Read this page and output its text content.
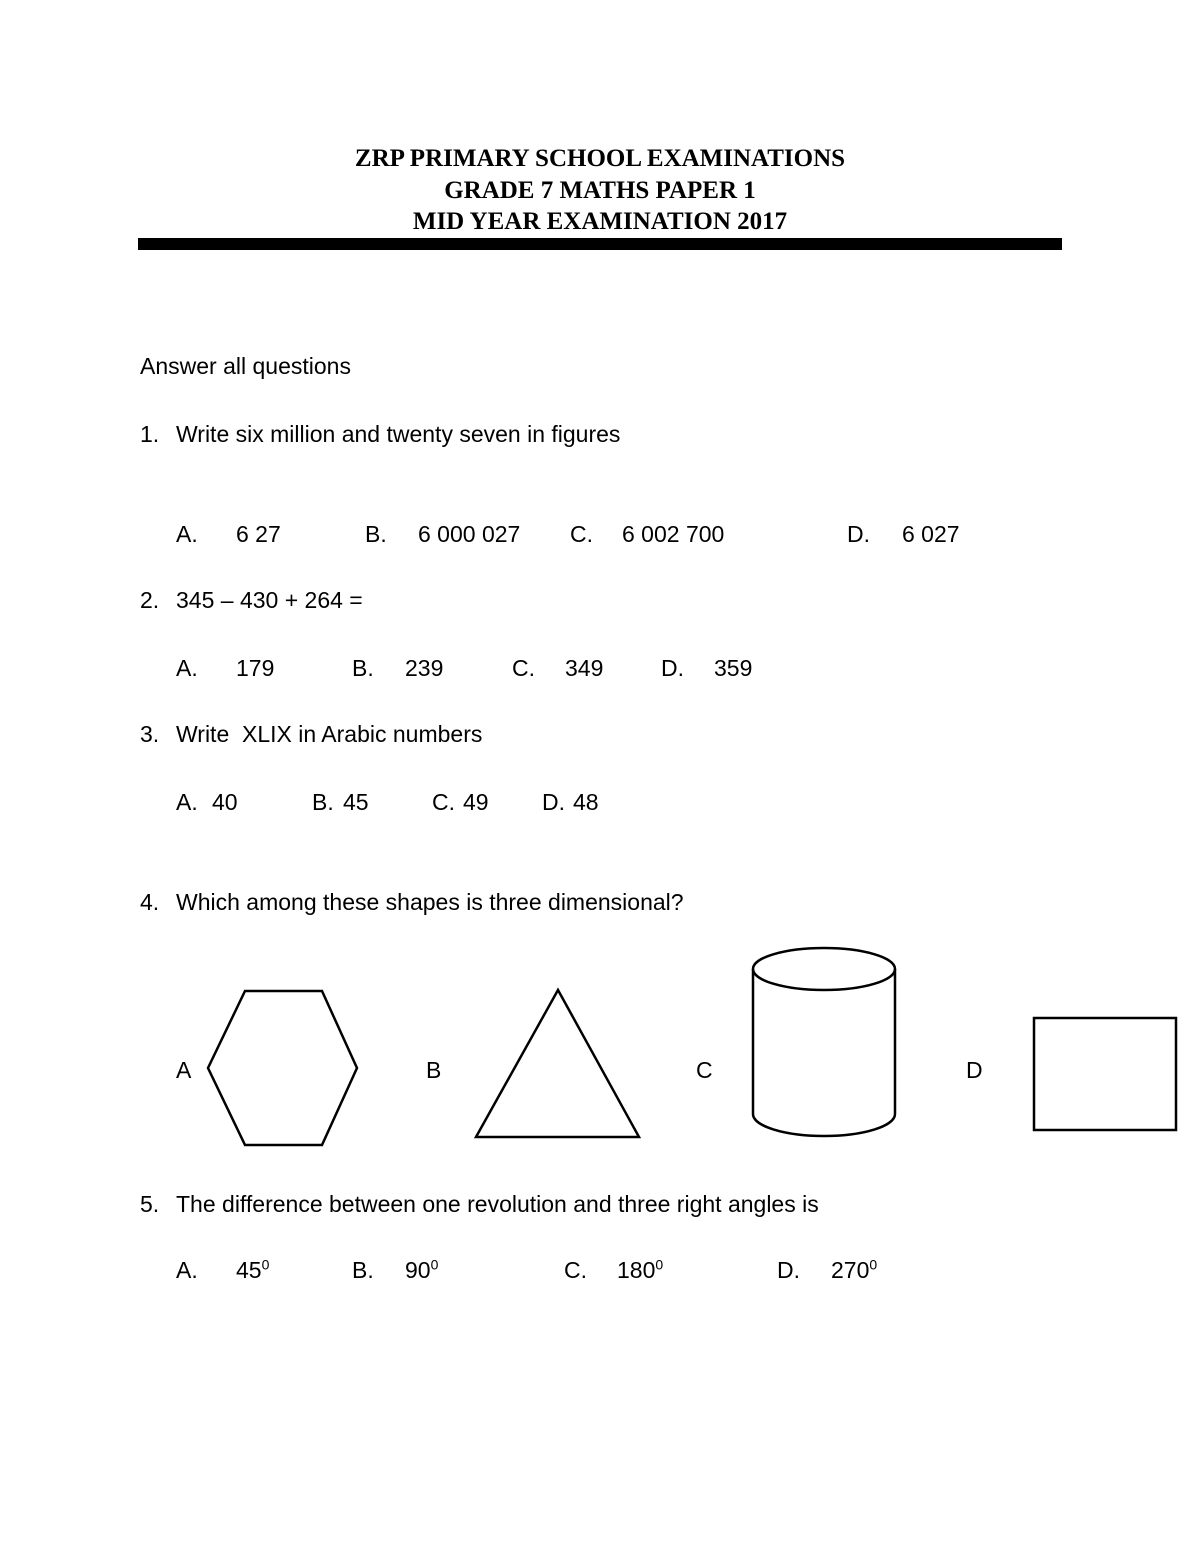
ZRP PRIMARY SCHOOL EXAMINATIONS
GRADE 7 MATHS PAPER 1
MID YEAR EXAMINATION 2017
Answer all questions
1. Write six million and twenty seven in figures
A. 6 27	B. 6 000 027 C. 6 002 700	D. 6 027
2. 345 – 430 + 264 =
A. 179	B. 239	C. 349	D. 359
3. Write  XLIX in Arabic numbers
A. 40	B. 45	C. 49 D. 48
4. Which among these shapes is three dimensional?
A	B	C	D
5. The difference between one revolution and three right angles is
A. $45^0$	B. $90^0$	C. $180^0$	D. $270^0$
